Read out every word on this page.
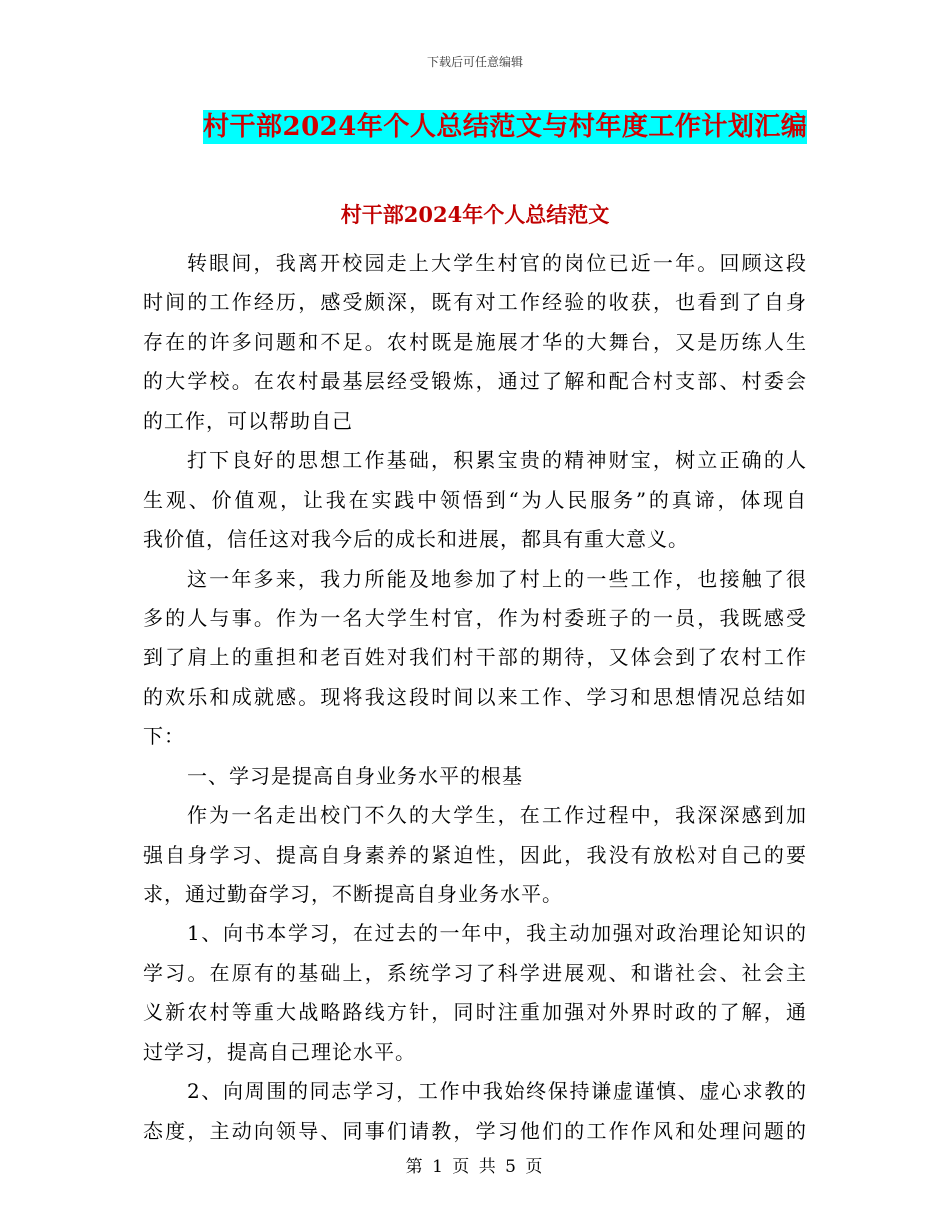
下载后可任意编辑
村干部2024年个人总结范文与村年度工作计划汇编
村干部2024年个人总结范文
转眼间，我离开校园走上大学生村官的岗位已近一年。回顾这段
时间的工作经历，感受颇深，既有对工作经验的收获，也看到了自身
存在的许多问题和不足。农村既是施展才华的大舞台，又是历练人生
的大学校。在农村最基层经受锻炼，通过了解和配合村支部、村委会
的工作，可以帮助自己
打下良好的思想工作基础，积累宝贵的精神财宝，树立正确的人
生观、价值观，让我在实践中领悟到“为人民服务”的真谛，体现自
我价值，信任这对我今后的成长和进展，都具有重大意义。
这一年多来，我力所能及地参加了村上的一些工作，也接触了很
多的人与事。作为一名大学生村官，作为村委班子的一员，我既感受
到了肩上的重担和老百姓对我们村干部的期待，又体会到了农村工作
的欢乐和成就感。现将我这段时间以来工作、学习和思想情况总结如
下：
一、学习是提高自身业务水平的根基
作为一名走出校门不久的大学生，在工作过程中，我深深感到加
强自身学习、提高自身素养的紧迫性，因此，我没有放松对自己的要
求，通过勤奋学习，不断提高自身业务水平。
1、向书本学习，在过去的一年中，我主动加强对政治理论知识的
学习。在原有的基础上，系统学习了科学进展观、和谐社会、社会主
义新农村等重大战略路线方针，同时注重加强对外界时政的了解，通
过学习，提高自己理论水平。
2、向周围的同志学习，工作中我始终保持谦虚谨慎、虚心求教的
态度，主动向领导、同事们请教，学习他们的工作作风和处理问题的
第 1 页 共 5 页
